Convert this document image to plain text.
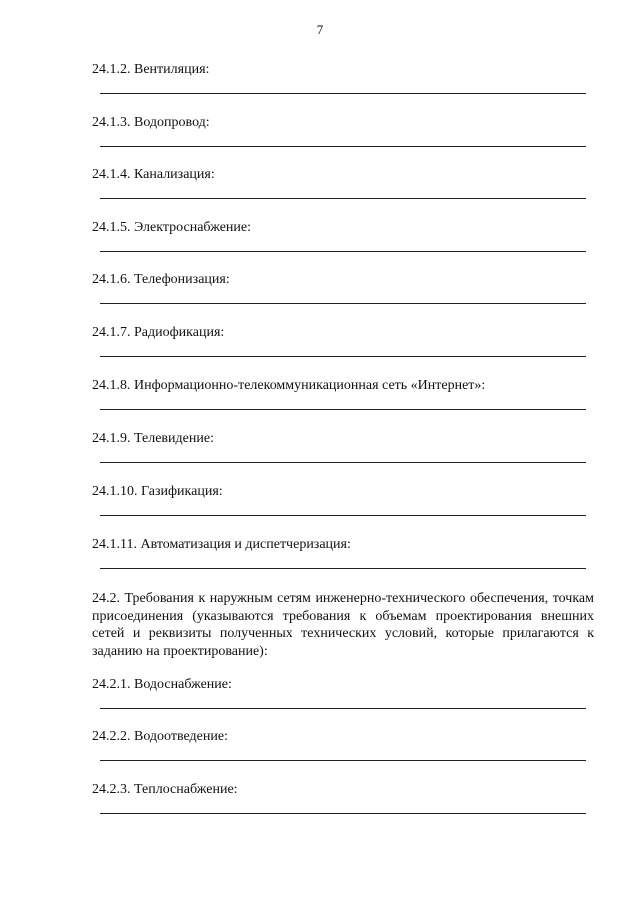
7
24.1.2. Вентиляция:
24.1.3. Водопровод:
24.1.4. Канализация:
24.1.5. Электроснабжение:
24.1.6. Телефонизация:
24.1.7. Радиофикация:
24.1.8. Информационно-телекоммуникационная сеть «Интернет»:
24.1.9. Телевидение:
24.1.10. Газификация:
24.1.11. Автоматизация и диспетчеризация:
24.2. Требования к наружным сетям инженерно-технического обеспечения, точкам присоединения (указываются требования к объемам проектирования внешних сетей и реквизиты полученных технических условий, которые прилагаются к заданию на проектирование):
24.2.1. Водоснабжение:
24.2.2. Водоотведение:
24.2.3. Теплоснабжение:
